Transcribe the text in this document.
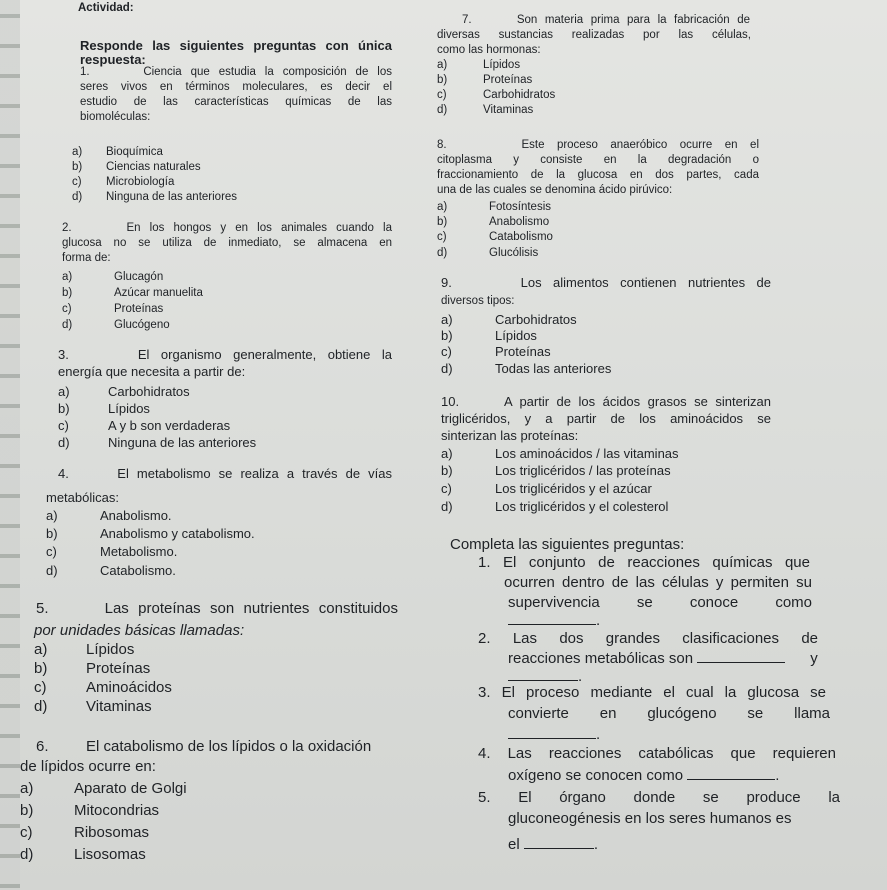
Actividad:
Responde las siguientes preguntas con única
respuesta:
1.	Ciencia que estudia la composición de los
seres vivos en términos moleculares, es decir el
estudio de las características químicas de las
biomoléculas:
a) Bioquímica
b) Ciencias naturales
c) Microbiología
d) Ninguna de las anteriores
2.	En los hongos y en los animales cuando la
glucosa no se utiliza de inmediato, se almacena en
forma de:
a)	Glucagón
b)	Azúcar manuelita
c)	Proteínas
d)	Glucógeno
3.	El organismo generalmente, obtiene la
energía que necesita a partir de:
a)	Carbohidratos
b)	Lípidos
c)	A y b son verdaderas
d)	Ninguna de las anteriores
4.	El metabolismo se realiza a través de vías
metabólicas:
a)	Anabolismo.
b)	Anabolismo y catabolismo.
c)	Metabolismo.
d)	Catabolismo.
5.	Las proteínas son nutrientes constituidos
por unidades básicas llamadas:
a)	Lípidos
b)	Proteínas
c)	Aminoácidos
d)	Vitaminas
6.	El catabolismo de los lípidos o la oxidación
de lípidos ocurre en:
a)	Aparato de Golgi
b)	Mitocondrias
c)	Ribosomas
d)	Lisosomas
7.	Son materia prima para la fabricación de
diversas sustancias realizadas por las células,
como las hormonas:
a)	Lípidos
b)	Proteínas
c)	Carbohidratos
d)	Vitaminas
8.	Este proceso anaeróbico ocurre en el
citoplasma y consiste en la degradación o
fraccionamiento de la glucosa en dos partes, cada
una de las cuales se denomina ácido pirúvico:
a)	Fotosíntesis
b)	Anabolismo
c)	Catabolismo
d)	Glucólisis
9.	Los alimentos contienen nutrientes de
diversos tipos:
a)	Carbohidratos
b)	Lípidos
c)	Proteínas
d)	Todas las anteriores
10.	A partir de los ácidos grasos se sinterizan
triglicéridos, y a partir de los aminoácidos se
sinterizan las proteínas:
a)	Los aminoácidos / las vitaminas
b)	Los triglicéridos / las proteínas
c)	Los triglicéridos y el azúcar
d)	Los triglicéridos y el colesterol
Completa las siguientes preguntas:
1. El conjunto de reacciones químicas que
ocurren dentro de las células y permiten su
supervivencia se conoce como
.
2. Las dos grandes clasificaciones de
reacciones metabólicas son	y
.
3. El proceso mediante el cual la glucosa se
convierte en glucógeno se llama
.
4. Las reacciones catabólicas que requieren
oxígeno se conocen como	.
5. El órgano donde se produce la
gluconeogénesis en los seres humanos es
el	.
